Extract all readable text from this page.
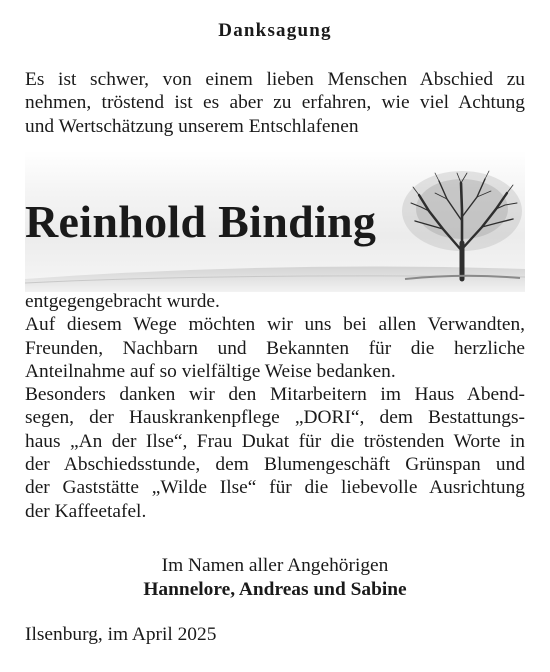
Danksagung
Es ist schwer, von einem lieben Menschen Abschied zu
nehmen, tröstend ist es aber zu erfahren, wie viel Achtung
und Wertschätzung unserem Entschlafenen
Reinhold Binding
entgegengebracht wurde.
Auf diesem Wege möchten wir uns bei allen Verwandten,
Freunden, Nachbarn und Bekannten für die herzliche
Anteilnahme auf so vielfältige Weise bedanken.
Besonders danken wir den Mitarbeitern im Haus Abend-
segen, der Hauskrankenpflege „DORI“, dem Bestattungs-
haus „An der Ilse“, Frau Dukat für die tröstenden Worte in
der Abschiedsstunde, dem Blumengeschäft Grünspan und
der Gaststätte „Wilde Ilse“ für die liebevolle Ausrichtung
der Kaffeetafel.
Im Namen aller Angehörigen
Hannelore, Andreas und Sabine
Ilsenburg, im April 2025
